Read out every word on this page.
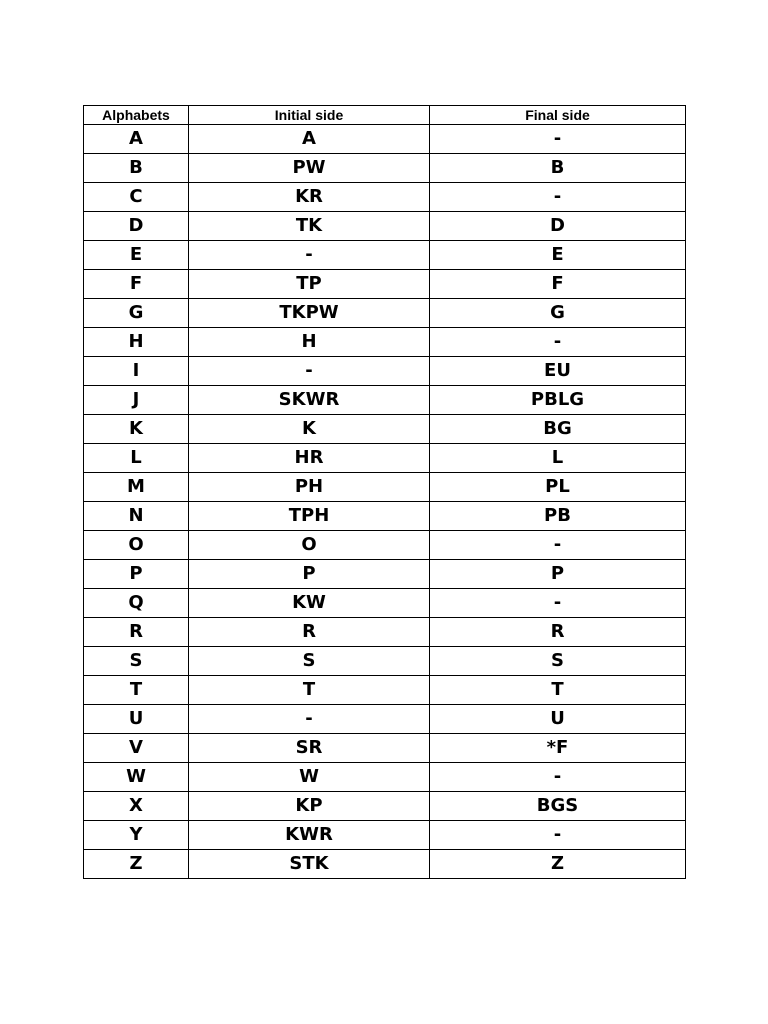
Alphabets	Initial side	Final side
A	A	-
B	PW	B
C	KR	-
D	TK	D
E	-	E
F	TP	F
G	TKPW	G
H	H	-
I	-	EU
J	SKWR	PBLG
K	K	BG
L	HR	L
M	PH	PL
N	TPH	PB
O	O	-
P	P	P
Q	KW	-
R	R	R
S	S	S
T	T	T
U	-	U
V	SR	*F
W	W	-
X	KP	BGS
Y	KWR	-
Z	STK	Z
